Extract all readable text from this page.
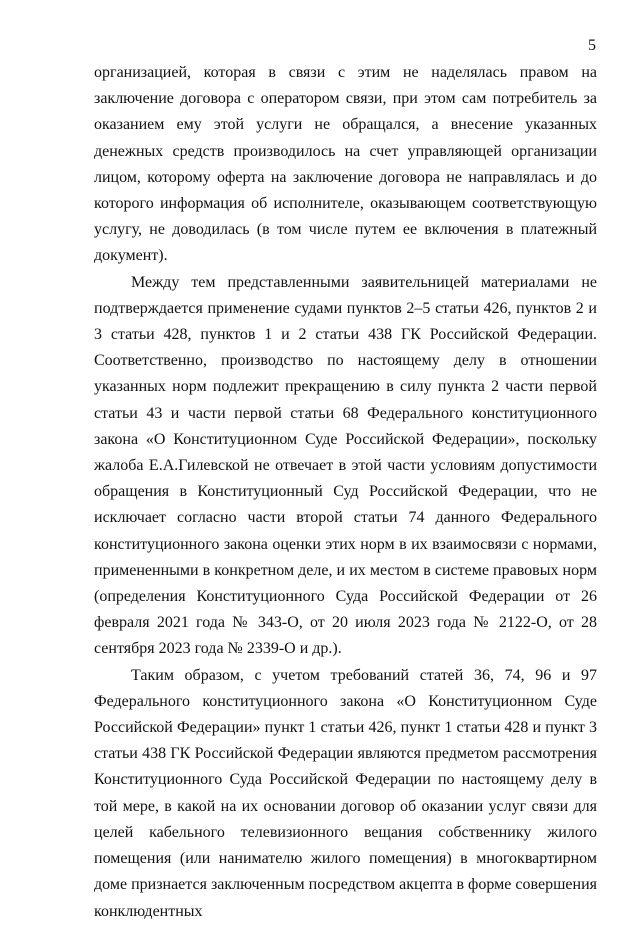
5

организацией, которая в связи с этим не наделялась правом на заключение договора с оператором связи, при этом сам потребитель за оказанием ему этой услуги не обращался, а внесение указанных денежных средств производилось на счет управляющей организации лицом, которому оферта на заключение договора не направлялась и до которого информация об исполнителе, оказывающем соответствующую услугу, не доводилась (в том числе путем ее включения в платежный документ).

Между тем представленными заявительницей материалами не подтверждается применение судами пунктов 2–5 статьи 426, пунктов 2 и 3 статьи 428, пунктов 1 и 2 статьи 438 ГК Российской Федерации. Соответственно, производство по настоящему делу в отношении указанных норм подлежит прекращению в силу пункта 2 части первой статьи 43 и части первой статьи 68 Федерального конституционного закона «О Конституционном Суде Российской Федерации», поскольку жалоба Е.А.Гилевской не отвечает в этой части условиям допустимости обращения в Конституционный Суд Российской Федерации, что не исключает согласно части второй статьи 74 данного Федерального конституционного закона оценки этих норм в их взаимосвязи с нормами, примененными в конкретном деле, и их местом в системе правовых норм (определения Конституционного Суда Российской Федерации от 26 февраля 2021 года № 343-О, от 20 июля 2023 года № 2122-О, от 28 сентября 2023 года № 2339-О и др.).

Таким образом, с учетом требований статей 36, 74, 96 и 97 Федерального конституционного закона «О Конституционном Суде Российской Федерации» пункт 1 статьи 426, пункт 1 статьи 428 и пункт 3 статьи 438 ГК Российской Федерации являются предметом рассмотрения Конституционного Суда Российской Федерации по настоящему делу в той мере, в какой на их основании договор об оказании услуг связи для целей кабельного телевизионного вещания собственнику жилого помещения (или нанимателю жилого помещения) в многоквартирном доме признается заключенным посредством акцепта в форме совершения конклюдентных
